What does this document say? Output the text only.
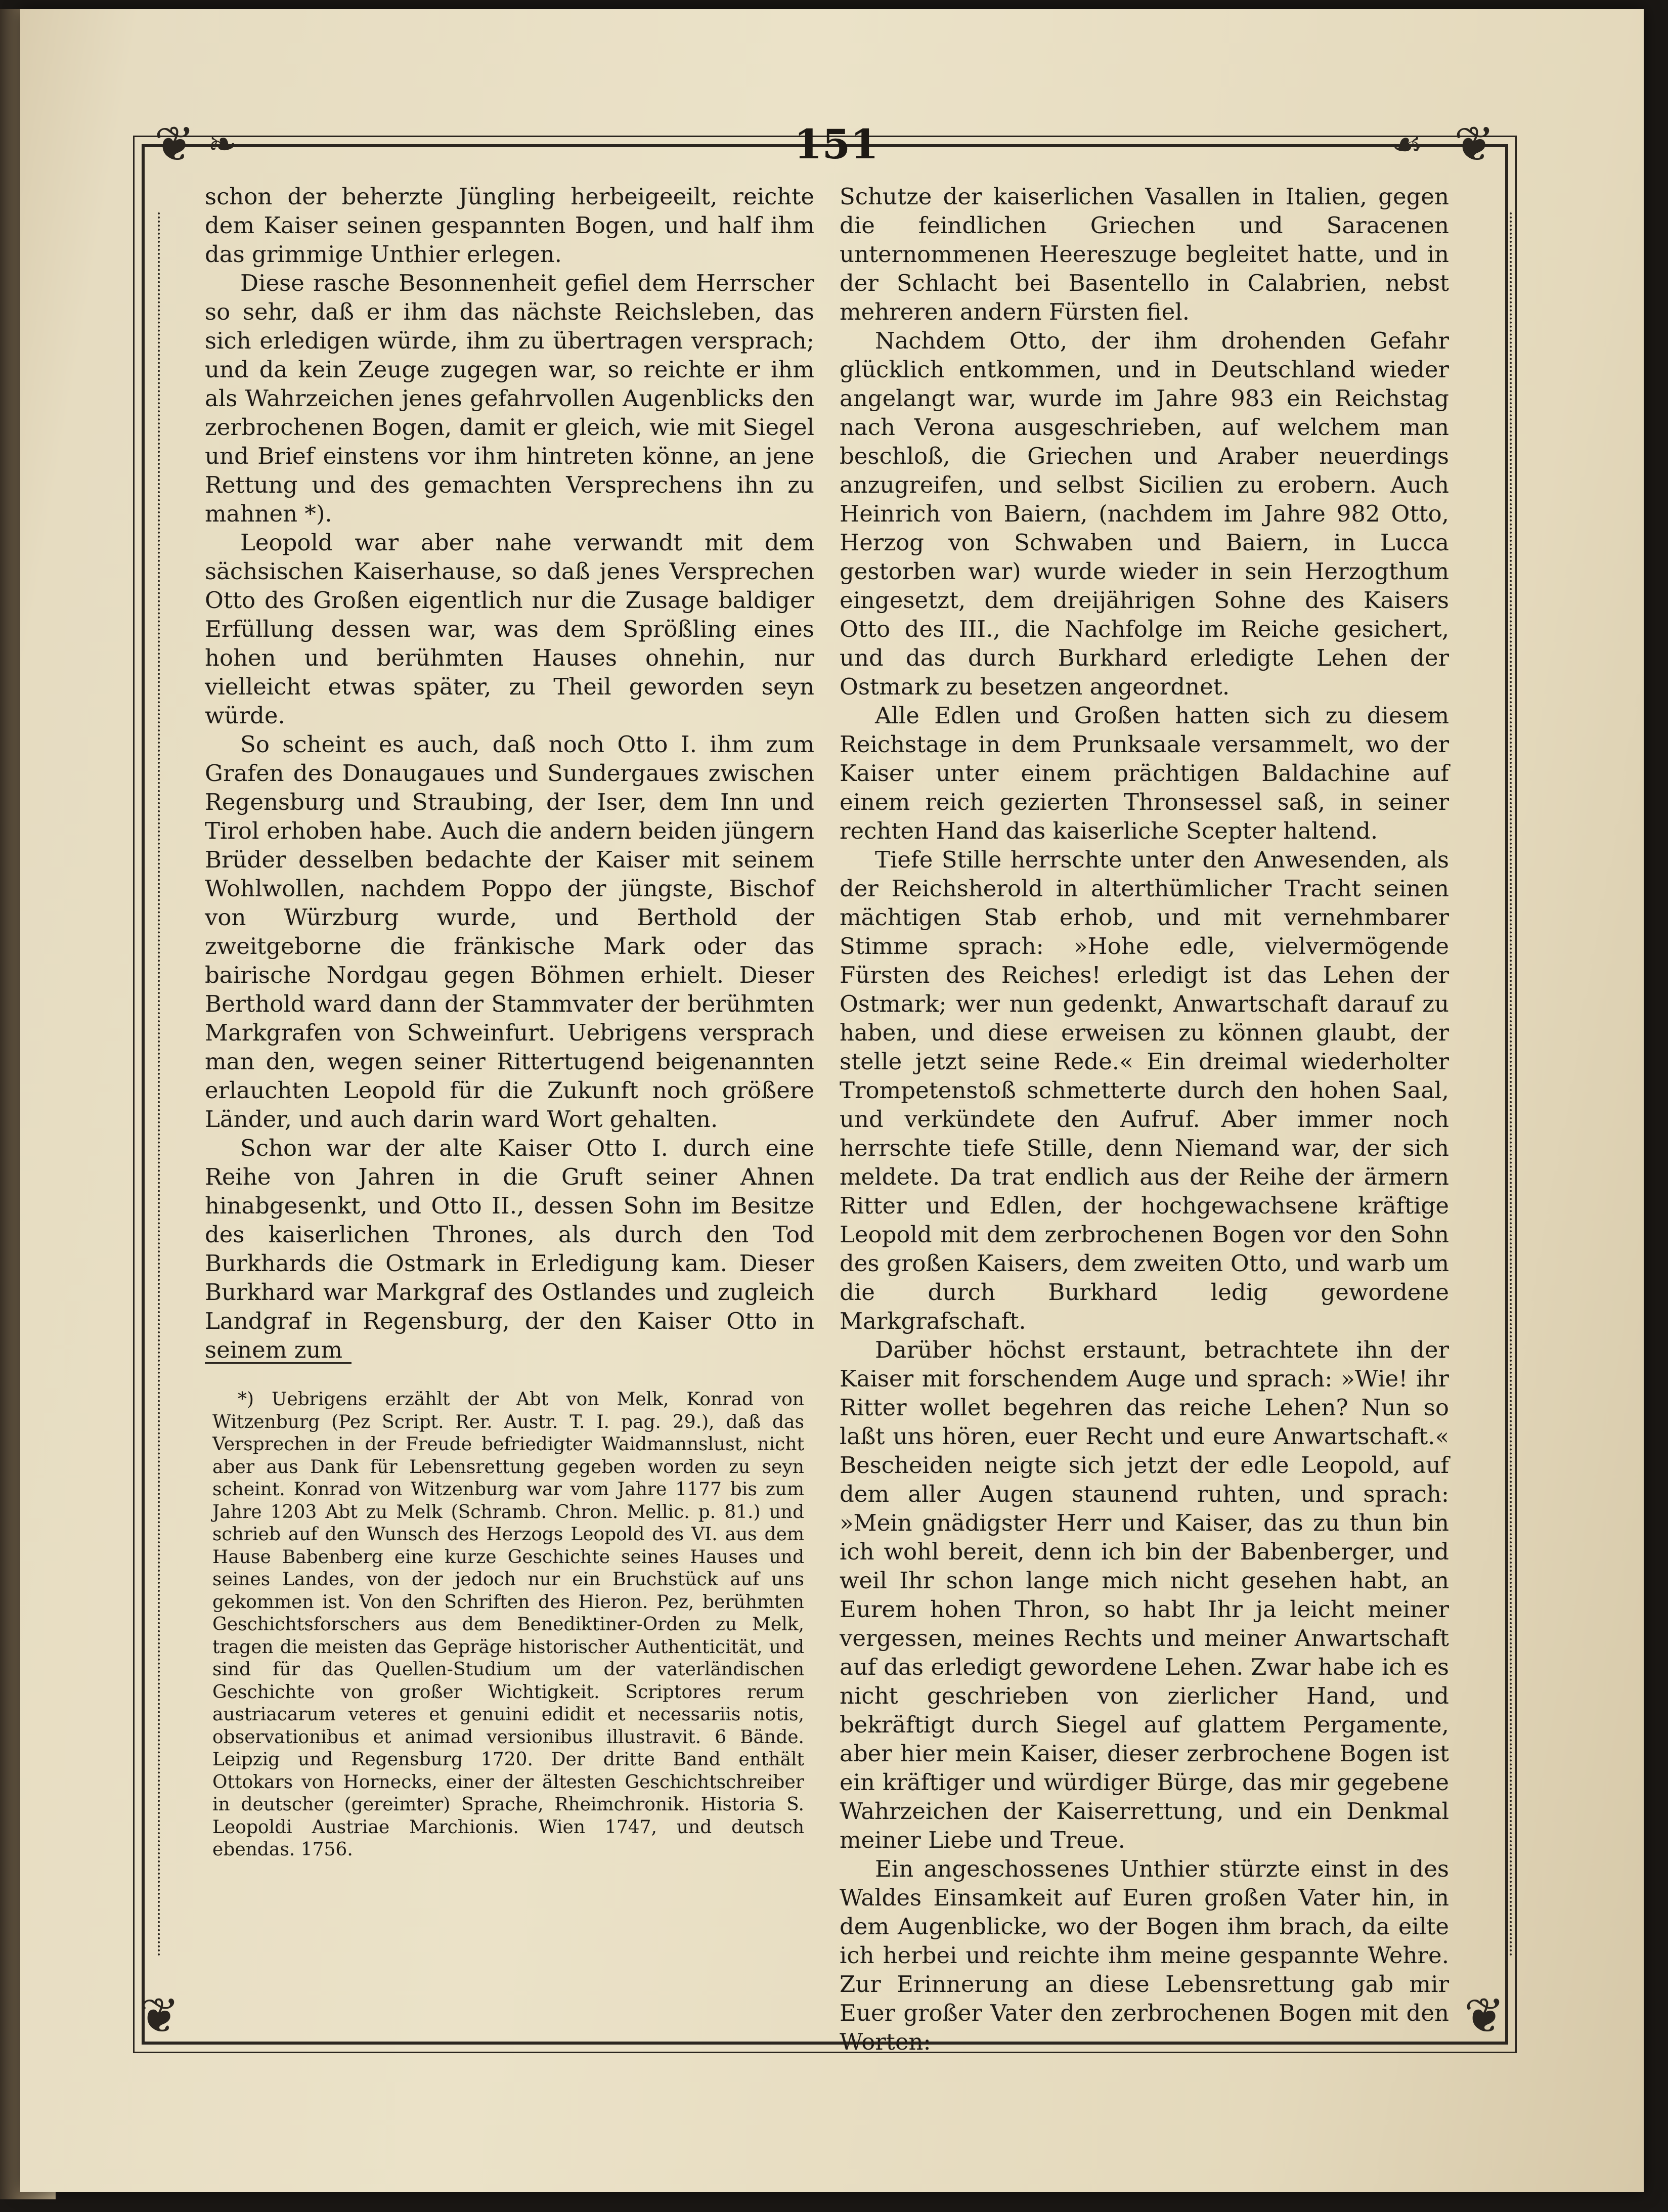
❦	❦
❦	❦
❧	☙
151

schon der beherzte Jüngling herbeigeeilt, reichte dem Kaiser seinen gespannten Bogen, und half ihm das grimmige Unthier erlegen.

Diese rasche Besonnenheit gefiel dem Herrscher so sehr, daß er ihm das nächste Reichsleben, das sich erledigen würde, ihm zu übertragen versprach; und da kein Zeuge zugegen war, so reichte er ihm als Wahrzeichen jenes gefahrvollen Augenblicks den zerbrochenen Bogen, damit er gleich, wie mit Siegel und Brief einstens vor ihm hintreten könne, an jene Rettung und des gemachten Versprechens ihn zu mahnen *).

Leopold war aber nahe verwandt mit dem sächsischen Kaiserhause, so daß jenes Versprechen Otto des Großen eigentlich nur die Zusage baldiger Erfüllung dessen war, was dem Sprößling eines hohen und berühmten Hauses ohnehin, nur vielleicht etwas später, zu Theil geworden seyn würde.

So scheint es auch, daß noch Otto I. ihm zum Grafen des Donaugaues und Sundergaues zwischen Regensburg und Straubing, der Iser, dem Inn und Tirol erhoben habe. Auch die andern beiden jüngern Brüder desselben bedachte der Kaiser mit seinem Wohlwollen, nachdem Poppo der jüngste, Bischof von Würzburg wurde, und Berthold der zweitgeborne die fränkische Mark oder das bairische Nordgau gegen Böhmen erhielt. Dieser Berthold ward dann der Stammvater der berühmten Markgrafen von Schweinfurt. Uebrigens versprach man den, wegen seiner Rittertugend beigenannten erlauchten Leopold für die Zukunft noch größere Länder, und auch darin ward Wort gehalten.

Schon war der alte Kaiser Otto I. durch eine Reihe von Jahren in die Gruft seiner Ahnen hinabgesenkt, und Otto II., dessen Sohn im Besitze des kaiserlichen Thrones, als durch den Tod Burkhards die Ostmark in Erledigung kam. Dieser Burkhard war Markgraf des Ostlandes und zugleich Landgraf in Regensburg, der den Kaiser Otto in seinem zum

*) Uebrigens erzählt der Abt von Melk, Konrad von Witzenburg (Pez Script. Rer. Austr. T. I. pag. 29.), daß das Versprechen in der Freude befriedigter Waidmannslust, nicht aber aus Dank für Lebensrettung gegeben worden zu seyn scheint. Konrad von Witzenburg war vom Jahre 1177 bis zum Jahre 1203 Abt zu Melk (Schramb. Chron. Mellic. p. 81.) und schrieb auf den Wunsch des Herzogs Leopold des VI. aus dem Hause Babenberg eine kurze Geschichte seines Hauses und seines Landes, von der jedoch nur ein Bruchstück auf uns gekommen ist. Von den Schriften des Hieron. Pez, berühmten Geschichtsforschers aus dem Benediktiner-Orden zu Melk, tragen die meisten das Gepräge historischer Authenticität, und sind für das Quellen-Studium um der vaterländischen Geschichte von großer Wichtigkeit. Scriptores rerum austriacarum veteres et genuini edidit et necessariis notis, observationibus et animad versionibus illustravit. 6 Bände. Leipzig und Regensburg 1720. Der dritte Band enthält Ottokars von Hornecks, einer der ältesten Geschichtschreiber in deutscher (gereimter) Sprache, Rheimchronik. Historia S. Leopoldi Austriae Marchionis. Wien 1747, und deutsch ebendas. 1756.

Schutze der kaiserlichen Vasallen in Italien, gegen die feindlichen Griechen und Saracenen unternommenen Heereszuge begleitet hatte, und in der Schlacht bei Basentello in Calabrien, nebst mehreren andern Fürsten fiel.

Nachdem Otto, der ihm drohenden Gefahr glücklich entkommen, und in Deutschland wieder angelangt war, wurde im Jahre 983 ein Reichstag nach Verona ausgeschrieben, auf welchem man beschloß, die Griechen und Araber neuerdings anzugreifen, und selbst Sicilien zu erobern. Auch Heinrich von Baiern, (nachdem im Jahre 982 Otto, Herzog von Schwaben und Baiern, in Lucca gestorben war) wurde wieder in sein Herzogthum eingesetzt, dem dreijährigen Sohne des Kaisers Otto des III., die Nachfolge im Reiche gesichert, und das durch Burkhard erledigte Lehen der Ostmark zu besetzen angeordnet.

Alle Edlen und Großen hatten sich zu diesem Reichstage in dem Prunksaale versammelt, wo der Kaiser unter einem prächtigen Baldachine auf einem reich gezierten Thronsessel saß, in seiner rechten Hand das kaiserliche Scepter haltend.

Tiefe Stille herrschte unter den Anwesenden, als der Reichsherold in alterthümlicher Tracht seinen mächtigen Stab erhob, und mit vernehmbarer Stimme sprach: »Hohe edle, vielvermögende Fürsten des Reiches! erledigt ist das Lehen der Ostmark; wer nun gedenkt, Anwartschaft darauf zu haben, und diese erweisen zu können glaubt, der stelle jetzt seine Rede.« Ein dreimal wiederholter Trompetenstoß schmetterte durch den hohen Saal, und verkündete den Aufruf. Aber immer noch herrschte tiefe Stille, denn Niemand war, der sich meldete. Da trat endlich aus der Reihe der ärmern Ritter und Edlen, der hochgewachsene kräftige Leopold mit dem zerbrochenen Bogen vor den Sohn des großen Kaisers, dem zweiten Otto, und warb um die durch Burkhard ledig gewordene Markgrafschaft.

Darüber höchst erstaunt, betrachtete ihn der Kaiser mit forschendem Auge und sprach: »Wie! ihr Ritter wollet begehren das reiche Lehen? Nun so laßt uns hören, euer Recht und eure Anwartschaft.« Bescheiden neigte sich jetzt der edle Leopold, auf dem aller Augen staunend ruhten, und sprach: »Mein gnädigster Herr und Kaiser, das zu thun bin ich wohl bereit, denn ich bin der Babenberger, und weil Ihr schon lange mich nicht gesehen habt, an Eurem hohen Thron, so habt Ihr ja leicht meiner vergessen, meines Rechts und meiner Anwartschaft auf das erledigt gewordene Lehen. Zwar habe ich es nicht geschrieben von zierlicher Hand, und bekräftigt durch Siegel auf glattem Pergamente, aber hier mein Kaiser, dieser zerbrochene Bogen ist ein kräftiger und würdiger Bürge, das mir gegebene Wahrzeichen der Kaiserrettung, und ein Denkmal meiner Liebe und Treue.

Ein angeschossenes Unthier stürzte einst in des Waldes Einsamkeit auf Euren großen Vater hin, in dem Augenblicke, wo der Bogen ihm brach, da eilte ich herbei und reichte ihm meine gespannte Wehre. Zur Erinnerung an diese Lebensrettung gab mir Euer großer Vater den zerbrochenen Bogen mit den Worten:
